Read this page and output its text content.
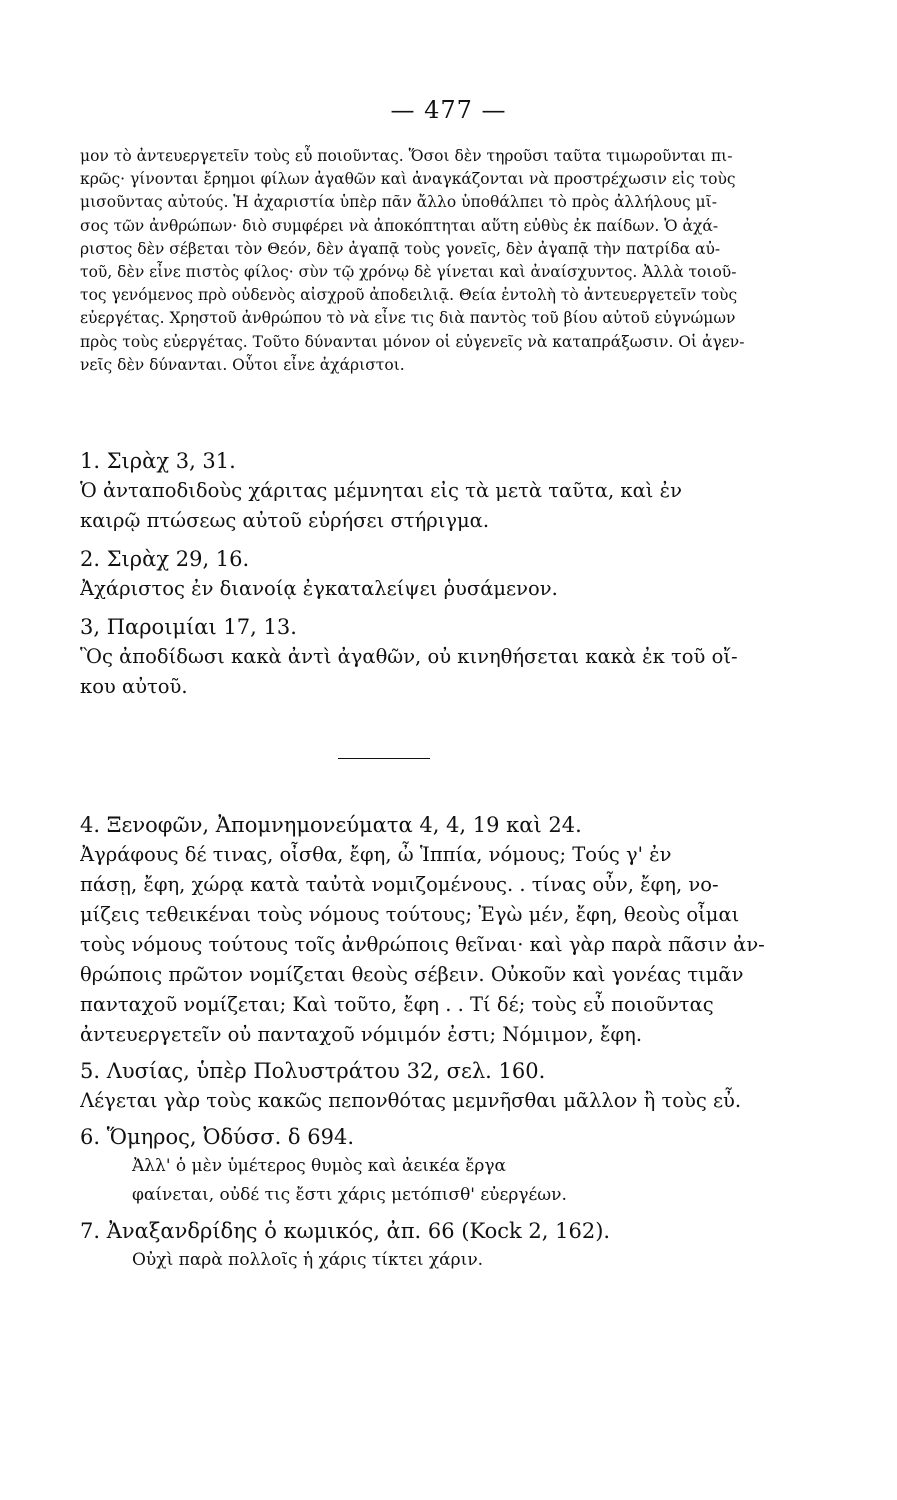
— 477 —
μον τὸ ἀντευεργετεῖν τοὺς εὖ ποιοῦντας. Ὅσοι δὲν τηροῦσι ταῦτα τιμωροῦνται πι-
κρῶς· γίνονται ἔρημοι φίλων ἀγαθῶν καὶ ἀναγκάζονται νὰ προστρέχωσιν εἰς τοὺς
μισοῦντας αὐτούς. Ἡ ἀχαριστία ὑπὲρ πᾶν ἄλλο ὑποθάλπει τὸ πρὸς ἀλλήλους μῖ-
σος τῶν ἀνθρώπων· διὸ συμφέρει νὰ ἀποκόπτηται αὕτη εὐθὺς ἐκ παίδων. Ὁ ἀχά-
ριστος δὲν σέβεται τὸν Θεόν, δὲν ἀγαπᾷ τοὺς γονεῖς, δὲν ἀγαπᾷ τὴν πατρίδα αὐ-
τοῦ, δὲν εἶνε πιστὸς φίλος· σὺν τῷ χρόνῳ δὲ γίνεται καὶ ἀναίσχυντος. Ἀλλὰ τοιοῦ-
τος γενόμενος πρὸ οὐδενὸς αἰσχροῦ ἀποδειλιᾷ. Θεία ἐντολὴ τὸ ἀντευεργετεῖν τοὺς
εὐεργέτας. Χρηστοῦ ἀνθρώπου τὸ νὰ εἶνε τις διὰ παντὸς τοῦ βίου αὐτοῦ εὐγνώμων
πρὸς τοὺς εὐεργέτας. Τοῦτο δύνανται μόνον οἱ εὐγενεῖς νὰ καταπράξωσιν. Οἱ ἀγεν-
νεῖς δὲν δύνανται. Οὗτοι εἶνε ἀχάριστοι.
1. Σιρὰχ 3, 31.
Ὁ ἀνταποδιδοὺς χάριτας μέμνηται εἰς τὰ μετὰ ταῦτα, καὶ ἐν
καιρῷ πτώσεως αὐτοῦ εὑρήσει στήριγμα.
2. Σιρὰχ 29, 16.
Ἀχάριστος ἐν διανοίᾳ ἐγκαταλείψει ῥυσάμενον.
3, Παροιμίαι 17, 13.
Ὃς ἀποδίδωσι κακὰ ἀντὶ ἀγαθῶν, οὐ κινηθήσεται κακὰ ἐκ τοῦ οἴ-
κου αὐτοῦ.
4. Ξενοφῶν, Ἀπομνημονεύματα 4, 4, 19 καὶ 24.
Ἀγράφους δέ τινας, οἶσθα, ἔφη, ὦ Ἱππία, νόμους; Τούς γ' ἐν
πάσῃ, ἔφη, χώρᾳ κατὰ ταὐτὰ νομιζομένους. . τίνας οὖν, ἔφη, νο-
μίζεις τεθεικέναι τοὺς νόμους τούτους; Ἐγὼ μέν, ἔφη, θεοὺς οἶμαι
τοὺς νόμους τούτους τοῖς ἀνθρώποις θεῖναι· καὶ γὰρ παρὰ πᾶσιν ἀν-
θρώποις πρῶτον νομίζεται θεοὺς σέβειν. Οὐκοῦν καὶ γονέας τιμᾶν
πανταχοῦ νομίζεται; Καὶ τοῦτο, ἔφη . . Τί δέ; τοὺς εὖ ποιοῦντας
ἀντευεργετεῖν οὐ πανταχοῦ νόμιμόν ἐστι; Νόμιμον, ἔφη.
5. Λυσίας, ὑπὲρ Πολυστράτου 32, σελ. 160.
Λέγεται γὰρ τοὺς κακῶς πεπονθότας μεμνῆσθαι μᾶλλον ἢ τοὺς εὖ.
6. Ὅμηρος, Ὀδύσσ. δ 694.
Ἀλλ' ὁ μὲν ὑμέτερος θυμὸς καὶ ἀεικέα ἔργα
φαίνεται, οὐδέ τις ἔστι χάρις μετόπισθ' εὐεργέων.
7. Ἀναξανδρίδης ὁ κωμικός, ἀπ. 66 (Kock 2, 162).
Οὐχὶ παρὰ πολλοῖς ἡ χάρις τίκτει χάριν.
